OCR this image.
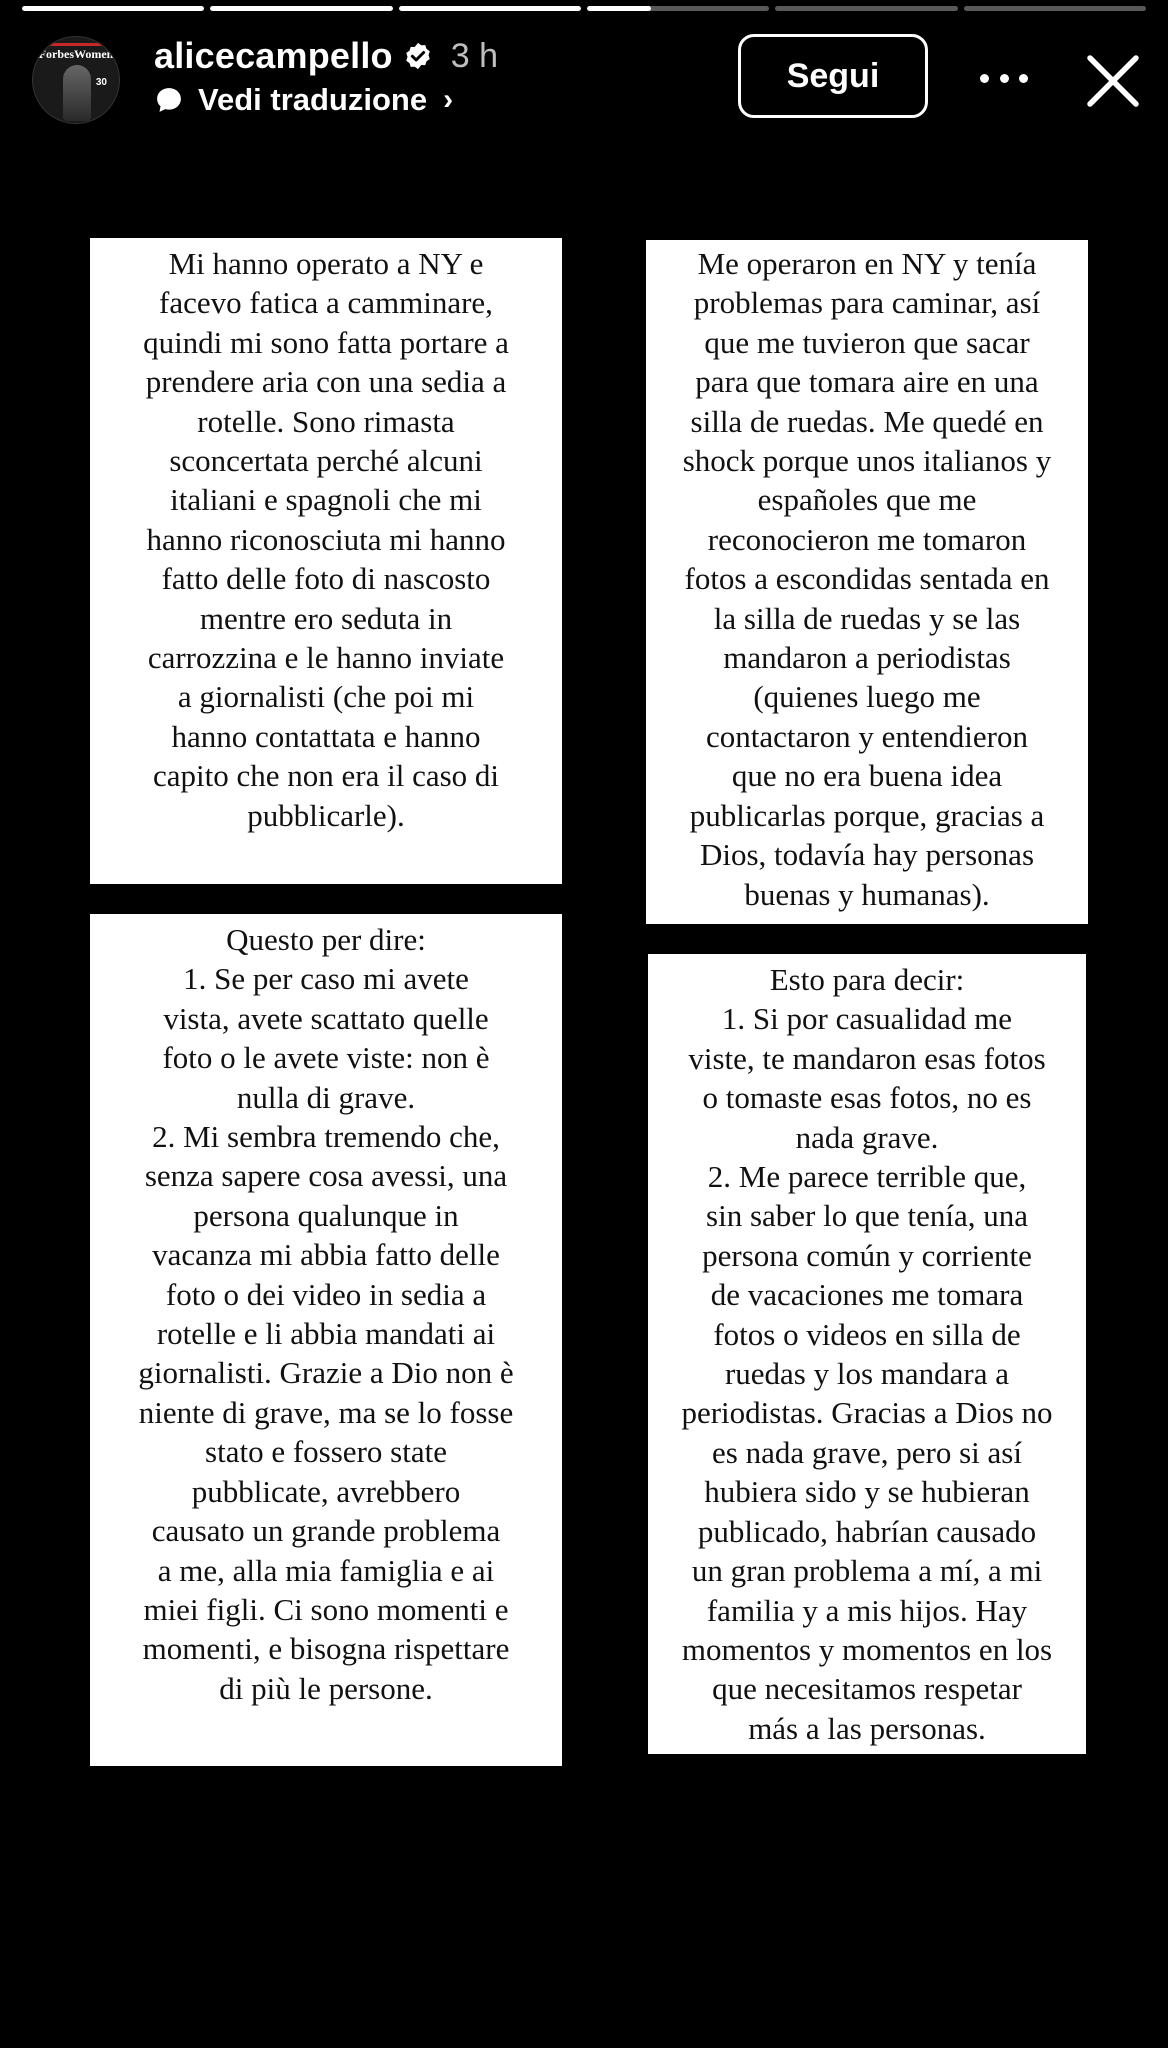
ForbesWomen
30
alicecampello 3 h
Vedi traduzione ›
Segui
Mi hanno operato a NY e
facevo fatica a camminare,
quindi mi sono fatta portare a
prendere aria con una sedia a
rotelle. Sono rimasta
sconcertata perché alcuni
italiani e spagnoli che mi
hanno riconosciuta mi hanno
fatto delle foto di nascosto
mentre ero seduta in
carrozzina e le hanno inviate
a giornalisti (che poi mi
hanno contattata e hanno
capito che non era il caso di
pubblicarle).
Me operaron en NY y tenía
problemas para caminar, así
que me tuvieron que sacar
para que tomara aire en una
silla de ruedas. Me quedé en
shock porque unos italianos y
españoles que me
reconocieron me tomaron
fotos a escondidas sentada en
la silla de ruedas y se las
mandaron a periodistas
(quienes luego me
contactaron y entendieron
que no era buena idea
publicarlas porque, gracias a
Dios, todavía hay personas
buenas y humanas).
Questo per dire:
1. Se per caso mi avete
vista, avete scattato quelle
foto o le avete viste: non è
nulla di grave.
2. Mi sembra tremendo che,
senza sapere cosa avessi, una
persona qualunque in
vacanza mi abbia fatto delle
foto o dei video in sedia a
rotelle e li abbia mandati ai
giornalisti. Grazie a Dio non è
niente di grave, ma se lo fosse
stato e fossero state
pubblicate, avrebbero
causato un grande problema
a me, alla mia famiglia e ai
miei figli. Ci sono momenti e
momenti, e bisogna rispettare
di più le persone.
Esto para decir:
1. Si por casualidad me
viste, te mandaron esas fotos
o tomaste esas fotos, no es
nada grave.
2. Me parece terrible que,
sin saber lo que tenía, una
persona común y corriente
de vacaciones me tomara
fotos o videos en silla de
ruedas y los mandara a
periodistas. Gracias a Dios no
es nada grave, pero si así
hubiera sido y se hubieran
publicado, habrían causado
un gran problema a mí, a mi
familia y a mis hijos. Hay
momentos y momentos en los
que necesitamos respetar
más a las personas.
